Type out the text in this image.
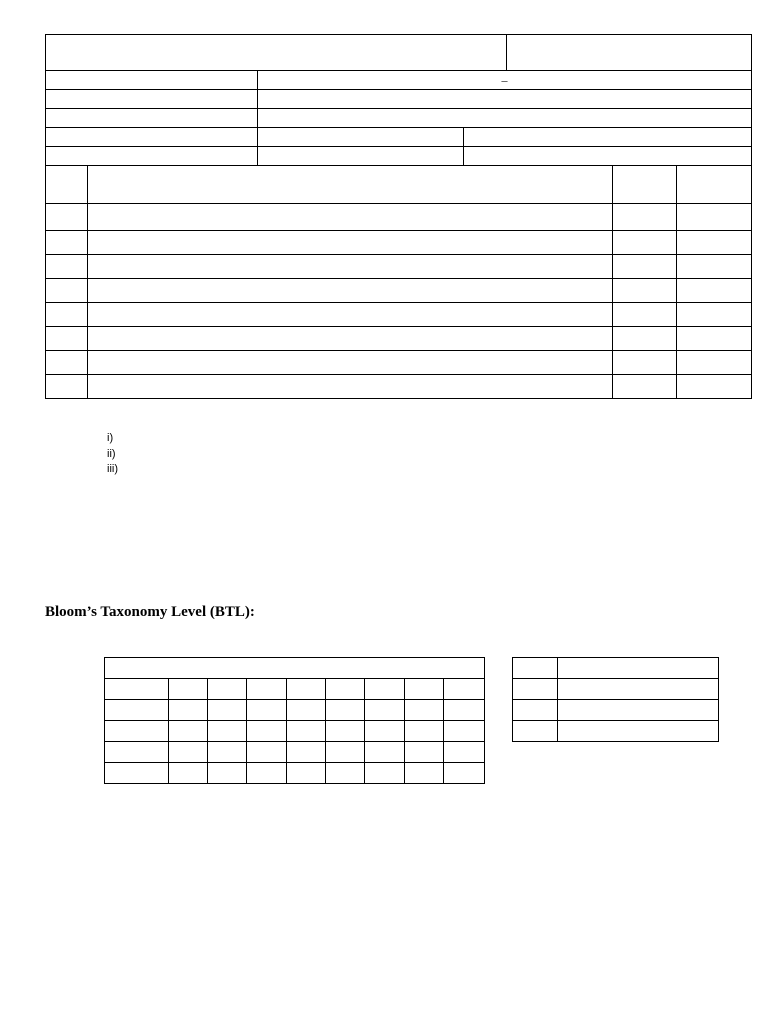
	–		

i)
ii)
iii)
Bloom’s Taxonomy Level (BTL):
